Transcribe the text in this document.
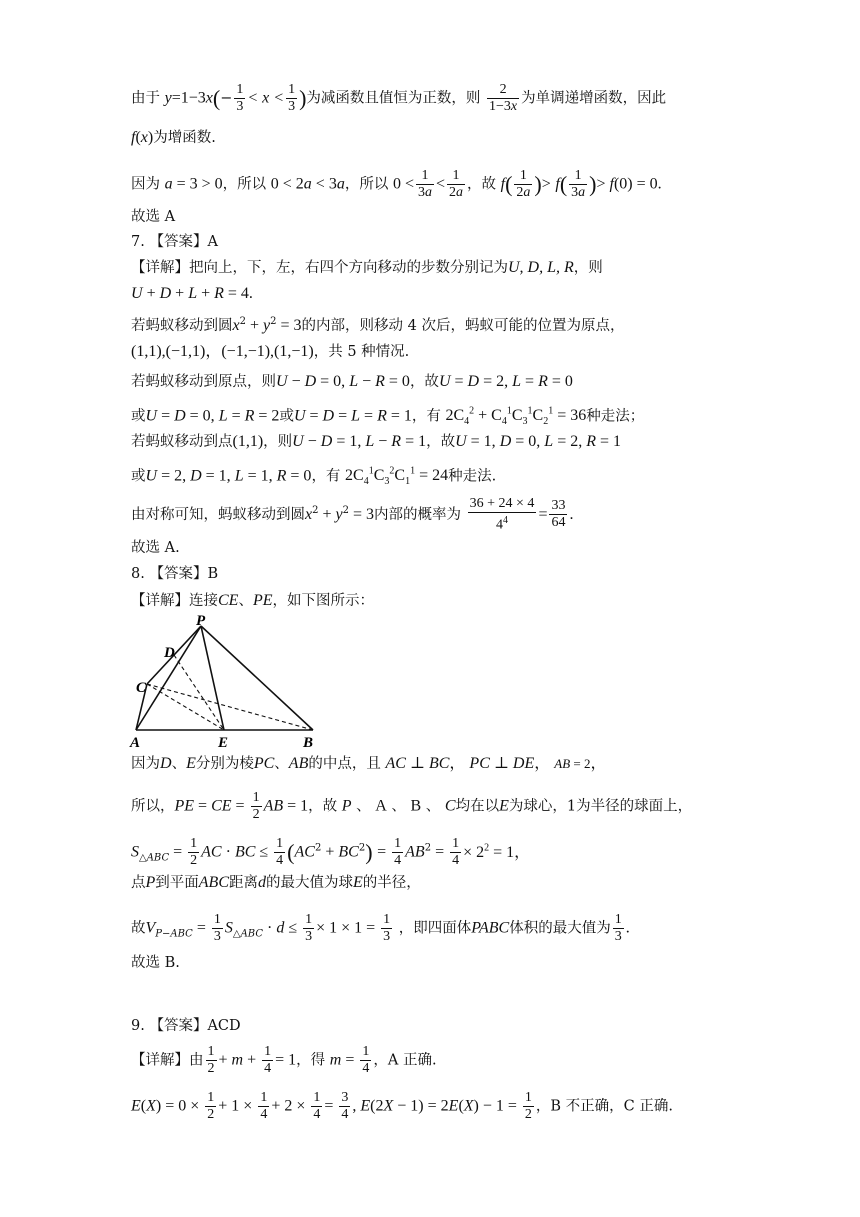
由于 $y=1-3x(- \frac{1}{3} < x < \frac{1}{3}$ )为减函数且值恒为正数，则 $\frac{2}{1-3x}$ 为单调递增函数，因此
f(x)为增函数.
因为 a = 3 > 0，所以 0 < 2a < 3a，所以 $0 < \frac{1}{3a} < \frac{1}{2a}$ ，故 $f( \frac{1}{2a}$ )> $f( \frac{1}{3a}$ )> f(0) = 0.
故选 A
7. 【答案】A
【详解】把向上，下，左，右四个方向移动的步数分别记为U, D, L, R，则
U + D + L + R = 4.
若蚂蚁移动到圆$x^2 + y^2 = 3$的内部，则移动 4 次后，蚂蚁可能的位置为原点，
(1,1),(−1,1)，(−1,−1),(1,−1)，共 5 种情况.
若蚂蚁移动到原点，则U − D = 0, L − R = 0，故U = D = 2, L = R = 0
或U = D = 0, L = R = 2或U = D = L = R = 1，有 $2C_4^2 + C_4^1C_3^1C_2^1 = 36$种走法；
若蚂蚁移动到点(1,1)，则U − D = 1, L − R = 1，故U = 1, D = 0, L = 2, R = 1
或U = 2, D = 1, L = 1, R = 0，有 $2C_4^1C_3^2C_1^1 = 24$种走法.
由对称可知，蚂蚁移动到圆$x^2 + y^2 = 3$内部的概率为 $\frac{36 + 24 \times 4}{4^4} = \frac{33}{64}$ .
故选 A.
8. 【答案】B
【详解】连接CE、PE，如下图所示：
P
D
C
A	E	B
因为D、E分别为棱PC、AB的中点，且 AC ⊥ BC， PC ⊥ DE， AB = 2，
所以，PE = CE = $\frac{1}{2}$ AB = 1，故 P 、 A 、 B 、 C均在以E为球心，1为半径的球面上，
$S_{\triangle ABC} = \frac{1}{2}$ AC · BC ≤ $\frac{1}{4} (AC^2 + BC^2) = \frac{1}{4} AB^2 = \frac{1}{4} \times 2^2 = 1$，
点P到平面ABC距离d的最大值为球E的半径，
故$V_{P-ABC} = \frac{1}{3} S_{\triangle ABC} \cdot d \le \frac{1}{3} \times 1 \times 1 = \frac{1}{3}$ ，即四面体PABC体积的最大值为 $\frac{1}{3}$ .
故选 B.
9. 【答案】ACD
【详解】由 $\frac{1}{2} + m + \frac{1}{4} = 1$，得 $m = \frac{1}{4}$ ，A 正确.
$E(X) = 0 \times \frac{1}{2} + 1 \times \frac{1}{4} + 2 \times \frac{1}{4} = \frac{3}{4}$ , $E(2X - 1) = 2E(X) - 1 = \frac{1}{2}$ ，B 不正确，C 正确.
